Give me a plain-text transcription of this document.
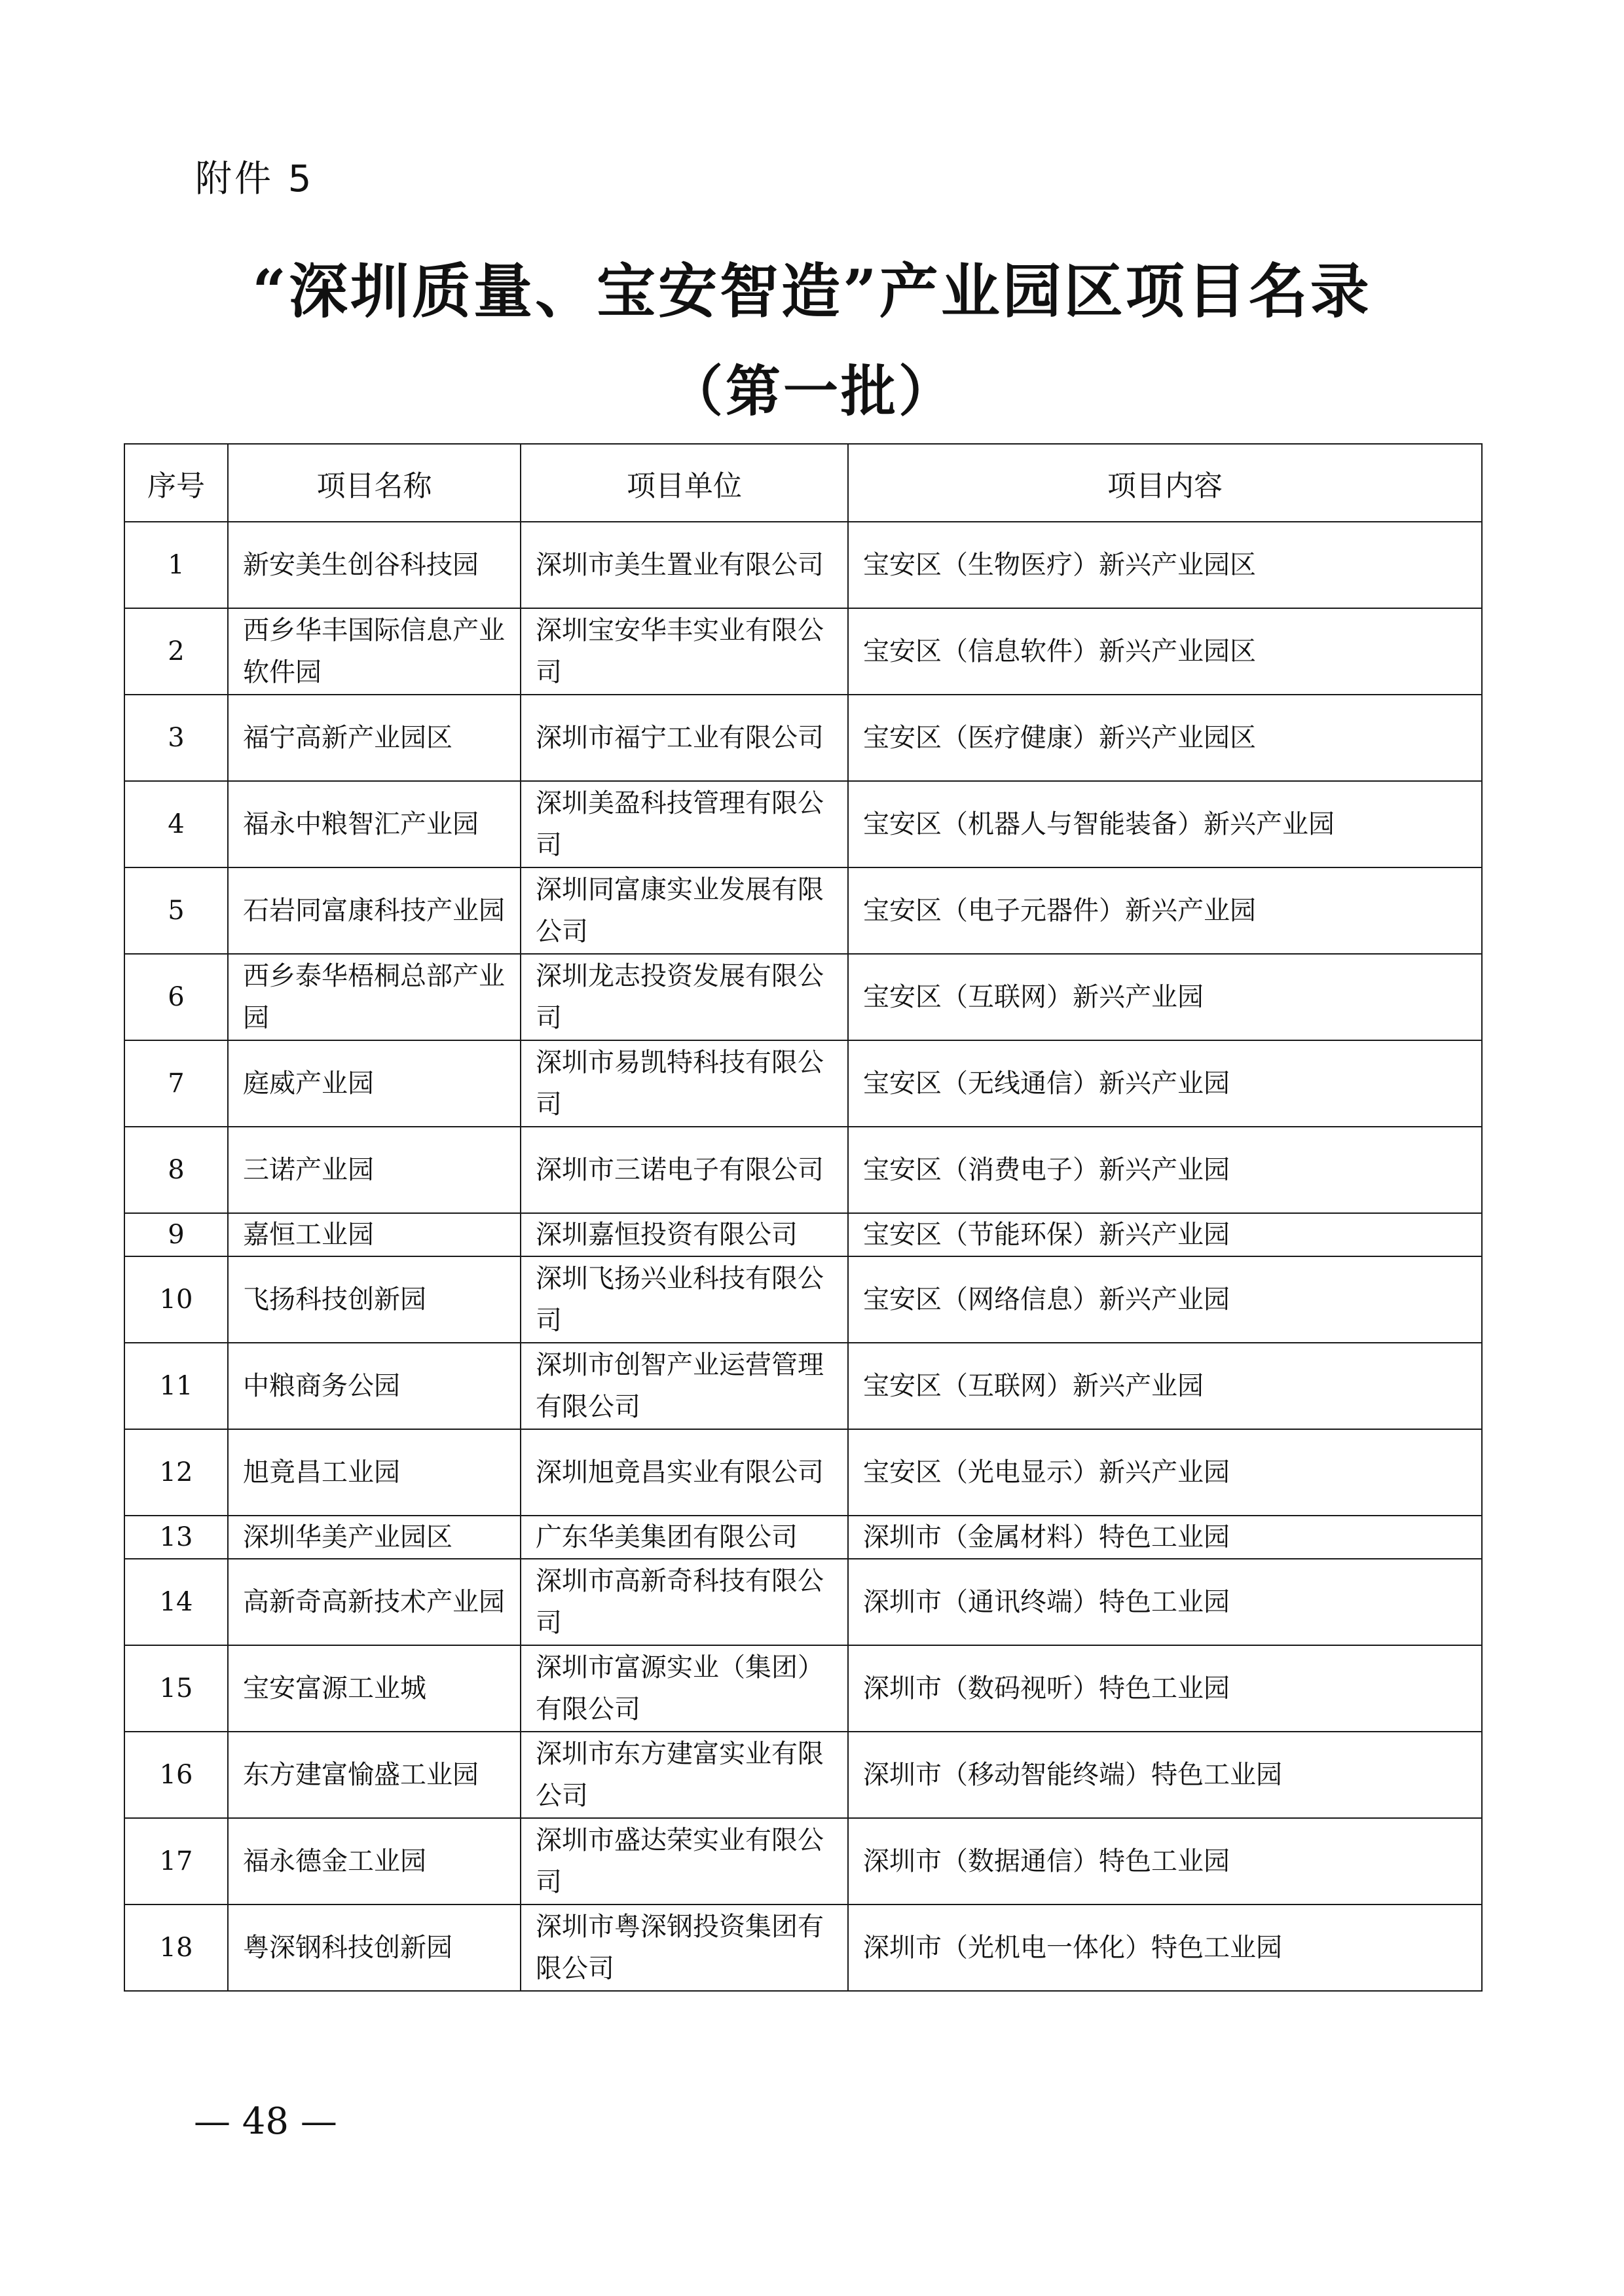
附件 5
“深圳质量、宝安智造”产业园区项目名录
（第一批）
序号	项目名称	项目单位	项目内容
1	新安美生创谷科技园	深圳市美生置业有限公司	宝安区（生物医疗）新兴产业园区
2	西乡华丰国际信息产业软件园	深圳宝安华丰实业有限公司	宝安区（信息软件）新兴产业园区
3	福宁高新产业园区	深圳市福宁工业有限公司	宝安区（医疗健康）新兴产业园区
4	福永中粮智汇产业园	深圳美盈科技管理有限公司	宝安区（机器人与智能装备）新兴产业园
5	石岩同富康科技产业园	深圳同富康实业发展有限公司	宝安区（电子元器件）新兴产业园
6	西乡泰华梧桐总部产业园	深圳龙志投资发展有限公司	宝安区（互联网）新兴产业园
7	庭威产业园	深圳市易凯特科技有限公司	宝安区（无线通信）新兴产业园
8	三诺产业园	深圳市三诺电子有限公司	宝安区（消费电子）新兴产业园
9	嘉恒工业园	深圳嘉恒投资有限公司	宝安区（节能环保）新兴产业园
10	飞扬科技创新园	深圳飞扬兴业科技有限公司	宝安区（网络信息）新兴产业园
11	中粮商务公园	深圳市创智产业运营管理有限公司	宝安区（互联网）新兴产业园
12	旭竟昌工业园	深圳旭竟昌实业有限公司	宝安区（光电显示）新兴产业园
13	深圳华美产业园区	广东华美集团有限公司	深圳市（金属材料）特色工业园
14	高新奇高新技术产业园	深圳市高新奇科技有限公司	深圳市（通讯终端）特色工业园
15	宝安富源工业城	深圳市富源实业（集团）有限公司	深圳市（数码视听）特色工业园
16	东方建富愉盛工业园	深圳市东方建富实业有限公司	深圳市（移动智能终端）特色工业园
17	福永德金工业园	深圳市盛达荣实业有限公司	深圳市（数据通信）特色工业园
18	粤深钢科技创新园	深圳市粤深钢投资集团有限公司	深圳市（光机电一体化）特色工业园
— 48 —
